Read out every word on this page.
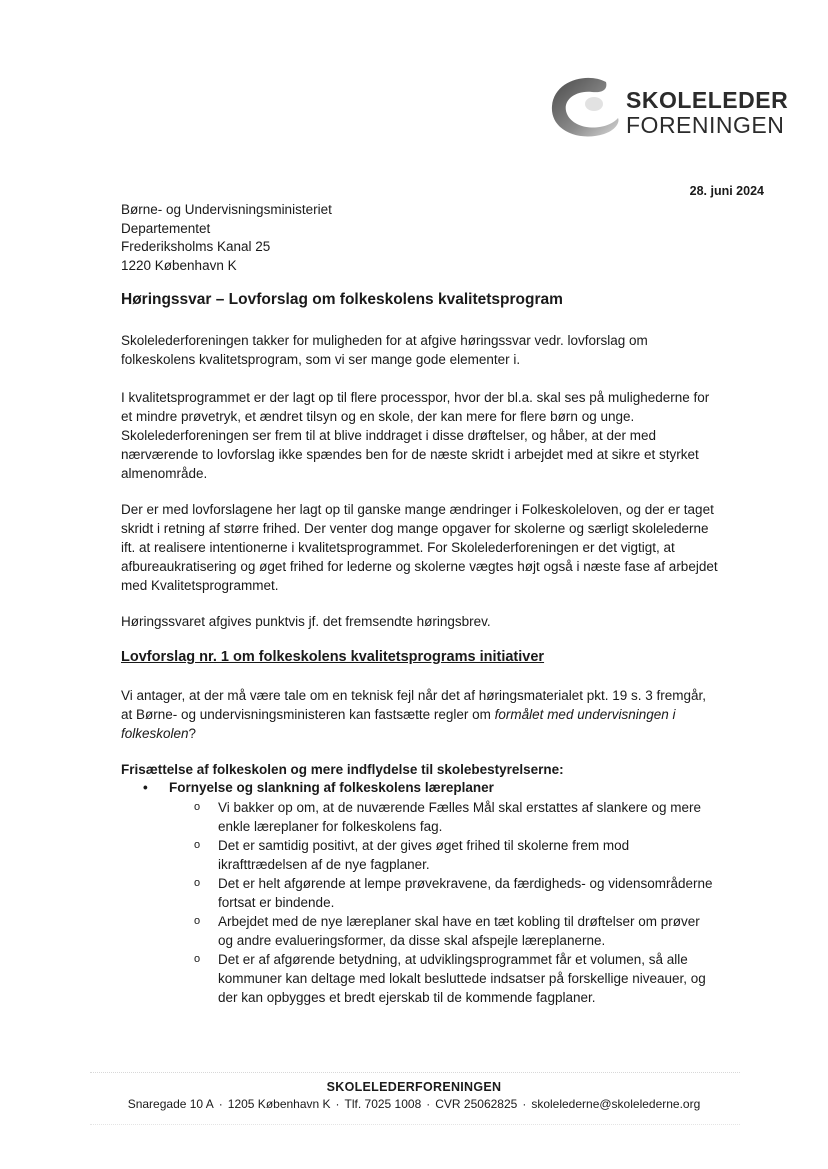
SKOLELEDER
FORENINGEN
28. juni 2024
Børne- og Undervisningsministeriet
Departementet
Frederiksholms Kanal 25
1220 København K
Høringssvar – Lovforslag om folkeskolens kvalitetsprogram

Skolelederforeningen takker for muligheden for at afgive høringssvar vedr. lovforslag om folkeskolens kvalitetsprogram, som vi ser mange gode elementer i.

I kvalitetsprogrammet er der lagt op til flere processpor, hvor der bl.a. skal ses på mulighederne for et mindre prøvetryk, et ændret tilsyn og en skole, der kan mere for flere børn og unge. Skolelederforeningen ser frem til at blive inddraget i disse drøftelser, og håber, at der med nærværende to lovforslag ikke spændes ben for de næste skridt i arbejdet med at sikre et styrket almenområde.

Der er med lovforslagene her lagt op til ganske mange ændringer i Folkeskoleloven, og der er taget skridt i retning af større frihed. Der venter dog mange opgaver for skolerne og særligt skolelederne ift. at realisere intentionerne i kvalitetsprogrammet. For Skolelederforeningen er det vigtigt, at afbureaukratisering og øget frihed for lederne og skolerne vægtes højt også i næste fase af arbejdet med Kvalitetsprogrammet.

Høringssvaret afgives punktvis jf. det fremsendte høringsbrev.

Lovforslag nr. 1 om folkeskolens kvalitetsprograms initiativer

Vi antager, at der må være tale om en teknisk fejl når det af høringsmaterialet pkt. 19 s. 3 fremgår, at Børne- og undervisningsministeren kan fastsætte regler om formålet med undervisningen i folkeskolen?

Frisættelse af folkeskolen og mere indflydelse til skolebestyrelserne:
• Fornyelse og slankning af folkeskolens læreplaner
o Vi bakker op om, at de nuværende Fælles Mål skal erstattes af slankere og mere enkle læreplaner for folkeskolens fag.
o Det er samtidig positivt, at der gives øget frihed til skolerne frem mod ikrafttrædelsen af de nye fagplaner.
o Det er helt afgørende at lempe prøvekravene, da færdigheds- og vidensområderne fortsat er bindende.
o Arbejdet med de nye læreplaner skal have en tæt kobling til drøftelser om prøver og andre evalueringsformer, da disse skal afspejle læreplanerne.
o Det er af afgørende betydning, at udviklingsprogrammet får et volumen, så alle kommuner kan deltage med lokalt besluttede indsatser på forskellige niveauer, og der kan opbygges et bredt ejerskab til de kommende fagplaner.
SKOLELEDERFORENINGEN
Snaregade 10 A · 1205 København K · Tlf. 7025 1008 · CVR 25062825 · skolelederne@skolelederne.org
